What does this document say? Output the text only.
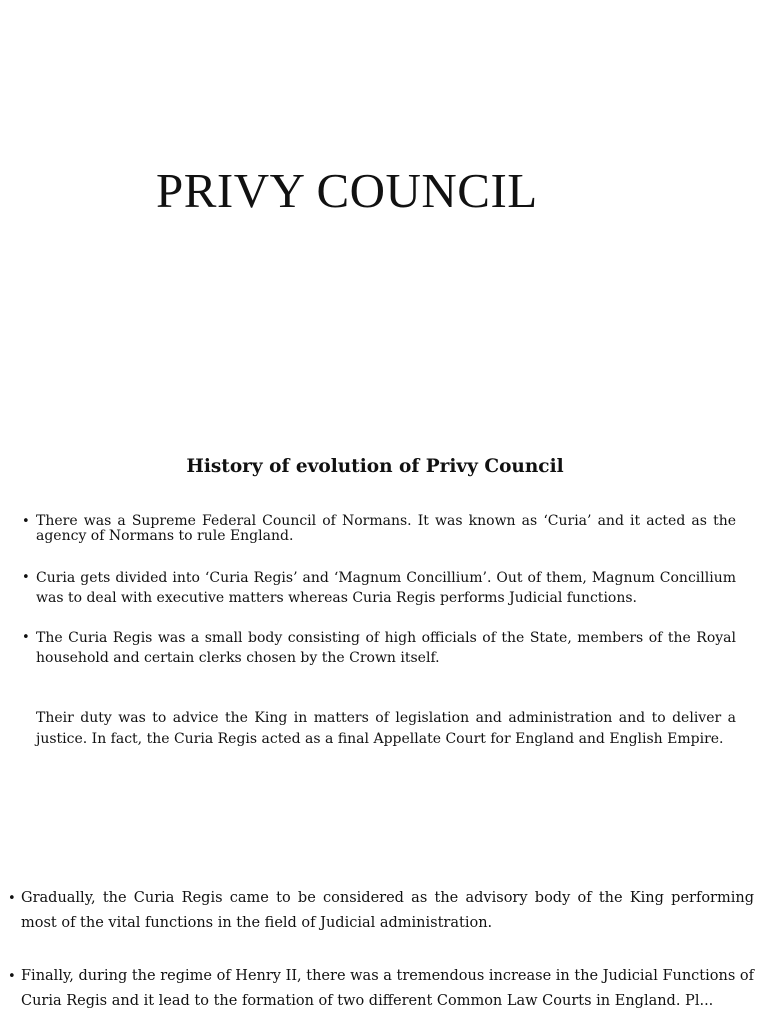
PRIVY COUNCIL
History of evolution of Privy Council
• There was a Supreme Federal Council of Normans. It was known as ‘Curia’ and it acted as the agency of Normans to rule England.
• Curia gets divided into ‘Curia Regis’ and ‘Magnum Concillium’. Out of them, Magnum Concillium was to deal with executive matters whereas Curia Regis performs Judicial functions.
• The Curia Regis was a small body consisting of high officials of the State, members of the Royal household and certain clerks chosen by the Crown itself.

Their duty was to advice the King in matters of legislation and administration and to deliver a justice. In fact, the Curia Regis acted as a final Appellate Court for England and English Empire.

• Gradually, the Curia Regis came to be considered as the advisory body of the King performing most of the vital functions in the field of Judicial administration.
• Finally, during the regime of Henry II, there was a tremendous increase in the Judicial Functions of Curia Regis and it lead to the formation of two different Common Law Courts in England. Pl...
